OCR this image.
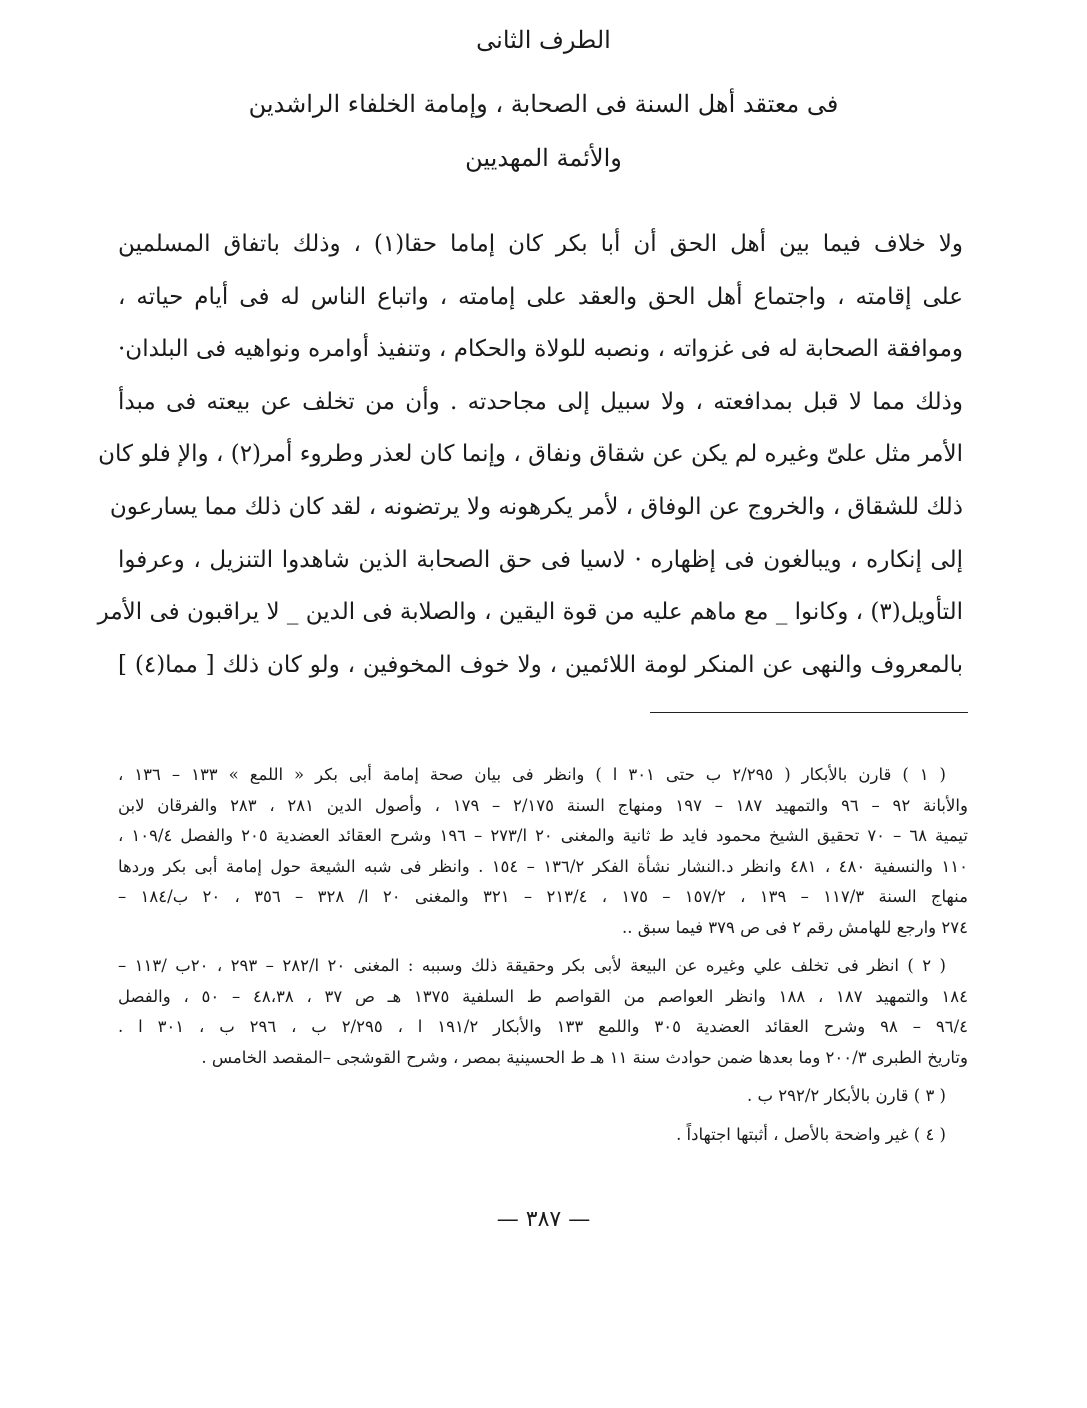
الطرف الثانى
فى معتقد أهل السنة فى الصحابة ، وإمامة الخلفاء الراشدين
والأئمة المهديين
ولا خلاف فيما بين أهل الحق أن أبا بكر كان إماما حقا(١) ، وذلك باتفاق المسلمين
على إقامته ، واجتماع أهل الحق والعقد على إمامته ، واتباع الناس له فى أيام حياته ،
وموافقة الصحابة له فى غزواته ، ونصبه للولاة والحكام ، وتنفيذ أوامره ونواهيه فى البلدان·
وذلك مما لا قبل بمدافعته ، ولا سبيل إلى مجاحدته . وأن من تخلف عن بيعته فى مبدأ
الأمر مثل علىّ وغيره لم يكن عن شقاق ونفاق ، وإنما كان لعذر وطروء أمر(٢) ، والإ فلو كان
ذلك للشقاق ، والخروج عن الوفاق ، لأمر يكرهونه ولا يرتضونه ، لقد كان ذلك مما يسارعون
إلى إنكاره ، ويبالغون فى إظهاره · لاسيا فى حق الصحابة الذين شاهدوا التنزيل ، وعرفوا
التأويل(٣) ، وكانوا _ مع ماهم عليه من قوة اليقين ، والصلابة فى الدين _ لا يراقبون فى الأمر
بالمعروف والنهى عن المنكر لومة اللائمين ، ولا خوف المخوفين ، ولو كان ذلك [ مما(٤) ]
( ١ ) قارن بالأبكار ( ٢/٢٩٥ ب حتى ٣٠١ ا ) وانظر فى بيان صحة إمامة أبى بكر « اللمع » ١٣٣ – ١٣٦ ،
والأبانة ٩٢ – ٩٦ والتمهيد ١٨٧ – ١٩٧ ومنهاج السنة ٢/١٧٥ – ١٧٩ ، وأصول الدين ٢٨١ ، ٢٨٣ والفرقان لابن
تيمية ٦٨ – ٧٠ تحقيق الشيخ محمود فايد ط ثانية والمغنى ٢٠ ا/٢٧٣ – ١٩٦ وشرح العقائد العضدية ٢٠٥ والفصل ١٠٩/٤ ،
١١٠ والنسفية ٤٨٠ ، ٤٨١ وانظر د.النشار نشأة الفكر ١٣٦/٢ – ١٥٤ . وانظر فى شبه الشيعة حول إمامة أبى بكر وردها
منهاج السنة ١١٧/٣ – ١٣٩ ، ١٥٧/٢ – ١٧٥ ، ٢١٣/٤ – ٣٢١ والمغنى ٢٠ ا/ ٣٢٨ – ٣٥٦ ، ٢٠ ب/١٨٤ –
٢٧٤ وارجع للهامش رقم ٢ فى ص ٣٧٩ فيما سبق ..
( ٢ ) انظر فى تخلف علي وغيره عن البيعة لأبى بكر وحقيقة ذلك وسببه : المغنى ٢٠ ا/٢٨٢ – ٢٩٣ ، ٢٠ب /١١٣ –
١٨٤ والتمهيد ١٨٧ ، ١٨٨ وانظر العواصم من القواصم ط السلفية ١٣٧٥ هـ ص ٣٧ ، ٤٨،٣٨ – ٥٠ ، والفصل
٩٦/٤ – ٩٨ وشرح العقائد العضدية ٣٠٥ واللمع ١٣٣ والأبكار ١٩١/٢ ا ، ٢/٢٩٥ ب ، ٢٩٦ ب ، ٣٠١ ا .
وتاريخ الطبرى ٢٠٠/٣ وما بعدها ضمن حوادث سنة ١١ هـ ط الحسينية بمصر ، وشرح القوشجى –المقصد الخامس .
( ٣ ) قارن بالأبكار ٢٩٢/٢ ب .
( ٤ ) غير واضحة بالأصل ، أثبتها اجتهاداً .
— ٣٨٧ —
